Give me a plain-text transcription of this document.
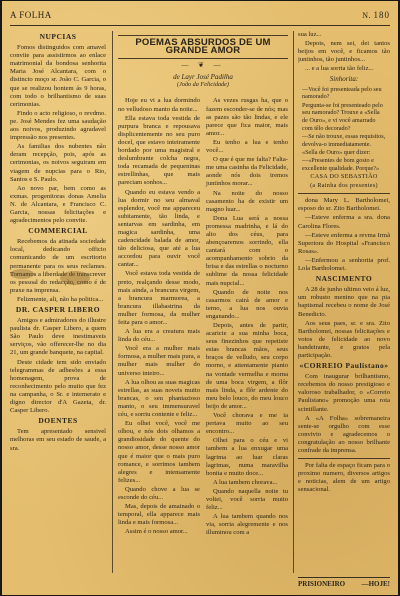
A FOLHA	N. 180
NUPCIAS

Fomos distinguidos com amavel convite para assistirmos ao enlace matrimonial da bondosa senhorita Maria José Alcantara, com o distincto moço sr. João C. Garcia, o que se realizou hontem ás 9 horas, com todo o brilhantismo de suas cerimonias.

Findo o acto religioso, o revdmo. pe. José Mendes fez uma saudação aos noivos, produzindo agradavel impressão nos presentes.

As familias dos nubentes não deram recepção, pois, após as cerimonias, os noivos seguiram em viagem de nupcias para o Rio, Santos e S. Paulo.

Ao novo par, bem como as exmas. progenitoras donas Amelia N. de Alcantara, e Francisco C. Garcia, nossas felicitações e agradecimentos pelo convite.

COMMERCIAL

Recebemos da atinada sociedade local, dedicando officio comunicando de um escritorio permanente para os seus reclames. Tornamos a liberdade de transcrever os pessoal do redacção, como é de praxe na imprensa.

Felizmente, ali, não ha politica...

DR. CASPER LIBERO

Amigos e admiradores do illustre paulista dr. Casper Libero, a quem São Paulo deve inestimaveis serviços, vão offerecer-lhe no dia 21, um grande banquete, na capital.

Deste cidade tem sido enviado telegrammas de adhesões a essa homenagem, prova de reconhecimento pelo muito que fez na campanha, o Sr. e intemerato e digno director d'A Gazeta, dr. Casper Libero.

DOENTES

Tem apresentado sensivel melhoras em seu estado de saude, a sra.

POEMAS ABSURDOS DE UM GRANDE AMOR
— ❦ —
de Layr José Padilha
(João da Felicidade)

Hoje eu vi a lua dormindo no velludoso manto da noite...

Ella estava toda vestida de purpura branca e repousava displicentemente no seu puro docel, que estavo inteiramente bordado por uma magistral e deslumbrante colcha negra, toda recamada de pequeninas estrellinhas, que mais pareciam sonhos...

Quando eu estava vendo a lua dormir no seu almaval esplendor, você me appareceu subitamente, tão linda, e sentarvas em sardinha, em magica sardinha, uma cadencidade balada de amor, tão deliciosa, que até a lua accordou para ouvir você cantar...

Você estava toda vestida de preto, realçando desse modo, mais ainda, a brancura virgem, a brancura marmorea, a brancura illabastrina da mulher formosa, da mulher feita para o amor...

A lua era a creatura mais linda do céu...

Você era a mulher mais formosa, a mulher mais pura, a mulher mais mulher do universo inteiro...

A lua olhou as suas magicas estrellas, as suas noveis muito brancas, o seu phantazioso manto, o seu immensuravel céu, e sorriu contente e feliz...

Eu olhei você, você me olhou, e nós dois olhamos a grandiosidade do quente do nosso amor, desse nosso amor que é maior que o mais puro romance, e sorrimos tambem alegres e intensamente felizes...

Quando chove a lua se esconde do céu...

Mas, depois de amainado o temporal, ella apparece mais linda e mais formosa...

Assim é o nosso amor...

As vezes rusgas ha, que o fazem esconder-se de nós; mas as pazes são tão lindas, e ele parece que fica maior, mais amor...

Eu tenho a lua e tenho você...

O que é que me falta? Falta-me uma casinha da Felicidade, aonde nós dois iremos juntinhos morar...

Na noite do nosso casamento ha de existir um magno luar...

Dona Lua será a nossa promessa madrinha, e lá do alto dos céus, para abençoaremos sorrindo, ella cantará com o acompanhamento sobrio da brisa e das estrellas o nocturno sublime da nossa felicidade mais nupcial...

Quando de noite nos casarmos cairá de amor e terno, a lua nos ouvia enganando...

Depois, antes de partir, acaricie a sua minha boca, seus finezinhos que repetiste estas brancas mãos, seus braços de velludo, seu corpo morno, e attentamente pianto na vontade vermelha e morna de uma boca virgem, a flôr mais linda, a flôr ardente do meu belo louco, do meu louco beijo de amor...

Você chorava e me ia pertava muito ao seu encontro...

Olhei para o céu e vi tambem a lua enxugar uma lagrima ao luar claras lagrimas, numa maravilha bonita e muito doce...

A lua tambem chorava...

Quando naquella noite tu voltei, você sorria muito feliz...

A lua tambem quando nos via, sorria alegremente e nos illuminou com a

sua luz...

Depois, nem sei, dei tantos beijos em você, e ficamos tão juntinhos, tão juntinhos...

... e a lua sorria tão feliz...

Sinhorita:

—Você foi presenteada pelo seu namorado?

Pergunta-se foi presenteado pelo seu namorado? Trouxe a «Sella de Ouro», e vi você amarrado com têlo decorado?

—Se não trouxe, essas requisitos, devolva-o immediatamente.

«Sella de Ouro» quer dizer: —«Presentes de bom gosto e excellente qualidade. Porque?»

CASA DO SEBASTIÃO

(a Rainha dos presentes)

dona Mary L. Bartholomei, esposo do sr. Zito Bartholomei.

—Esteve enferma a sra. dona Carolina Flores.

—Esteve enferma a revma Irmã Superiora do Hospital «Francisco Rosas».

—Enfermou a senhorita prof. Lola Bartholomei.

NASCIMENTO

A 28 de junho ultimo veio á luz, um robusto menino que na pia baptismal recebeu o nome de José Benedicto.

Aos seus paes, sr. e sra. Zito Bartholomei, nossas felicitações e votos de felicidade ao novo bandeirante, e gratos pela participação.

«CORREIO Paulistano»

Com inaugurar brilhantismo, recebemos do nosso prestigioso e valoroso trabalhador, o «Correio Paulistano» promoção uma rota scintillante.

A «A Folha» sobremaneira sente-se orgulho com esse convivio e agradecemos o congratulação ao nosso brilhante confrade da imprensa.

Por falta de espaço ficam para o proximo numero, diversos artigos e noticias, alem de um artigo sensacional.

PRISIONEIRO —HOJE!
